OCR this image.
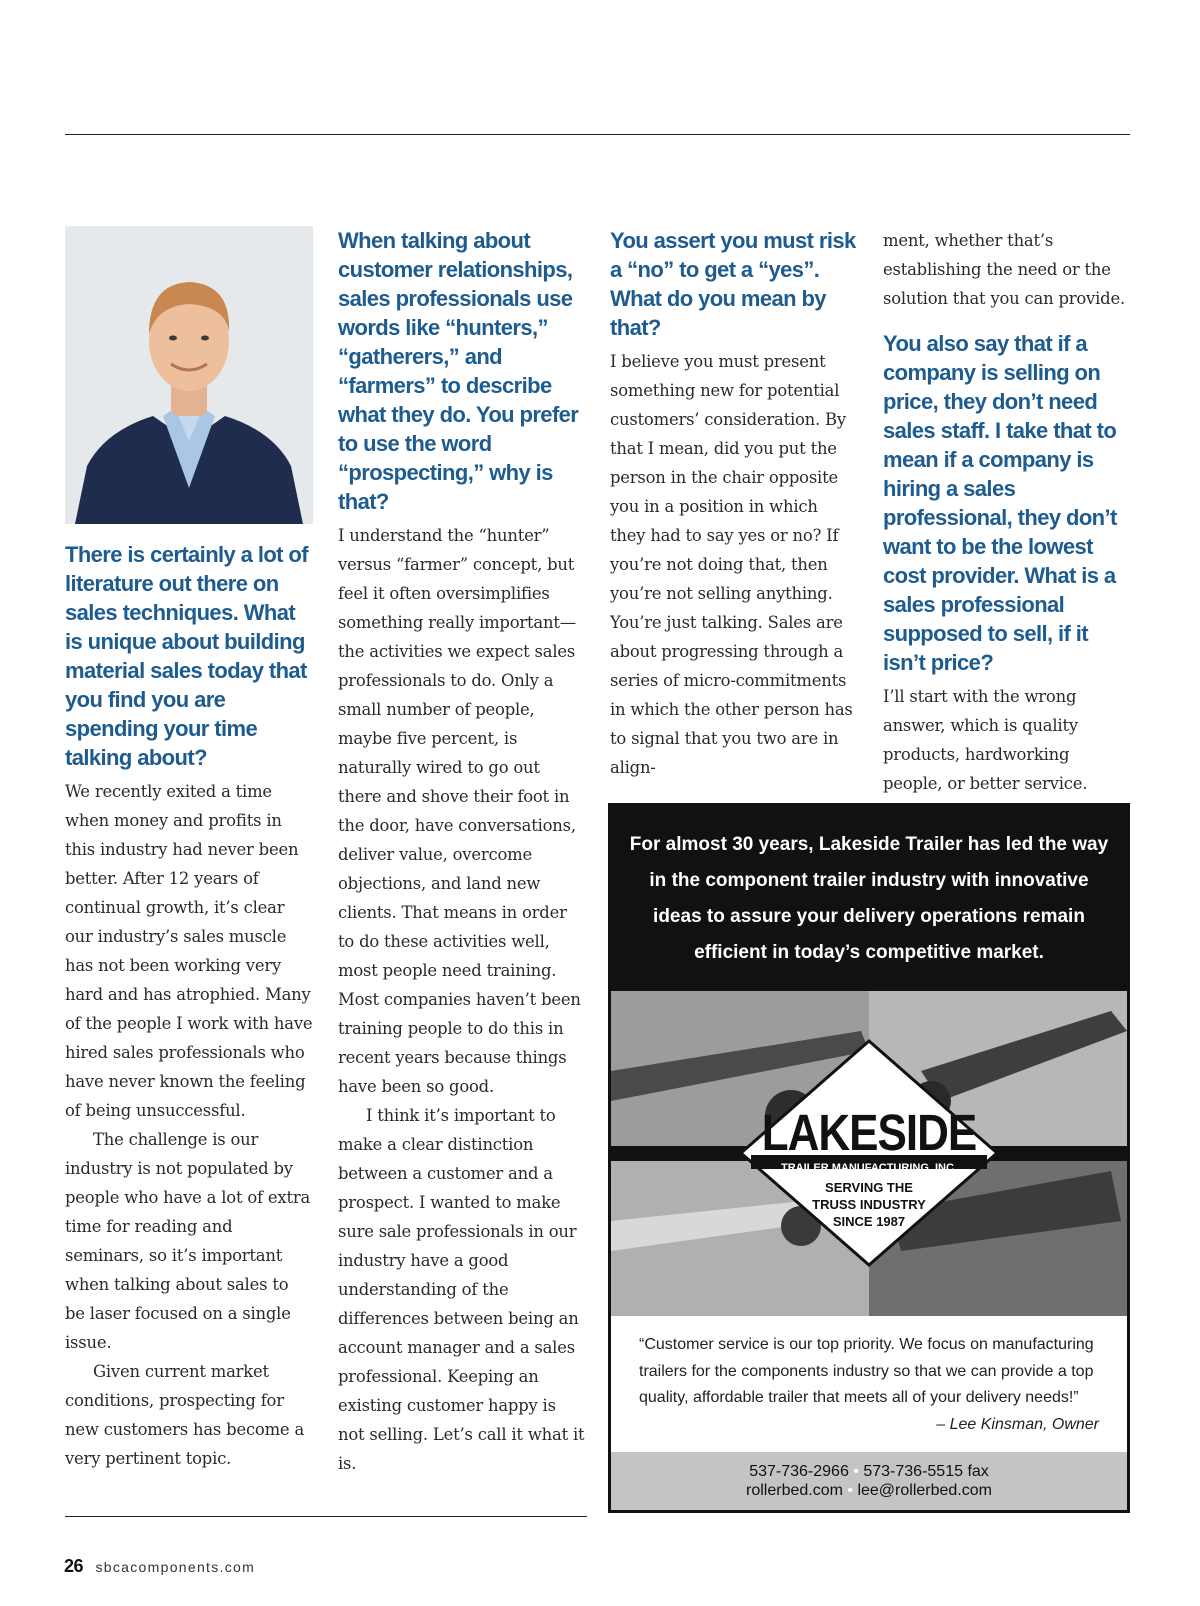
There is certainly a lot of literature out there on sales techniques. What is unique about building material sales today that you find you are spending your time talking about?

We recently exited a time when money and profits in this industry had never been better. After 12 years of continual growth, it’s clear our industry’s sales muscle has not been working very hard and has atrophied. Many of the people I work with have hired sales professionals who have never known the feeling of being unsuccessful.

The challenge is our industry is not populated by people who have a lot of extra time for reading and seminars, so it’s important when talking about sales to be laser focused on a single issue.

Given current market conditions, prospecting for new customers has become a very pertinent topic.

When talking about customer relationships, sales professionals use words like “hunters,” “gatherers,” and “farmers” to describe what they do. You prefer to use the word “prospecting,” why is that?

I understand the “hunter” versus “farmer” concept, but feel it often oversimplifies something really important—the activities we expect sales professionals to do. Only a small number of people, maybe five percent, is naturally wired to go out there and shove their foot in the door, have conversations, deliver value, overcome objections, and land new clients. That means in order to do these activities well, most people need training. Most companies haven’t been training people to do this in recent years because things have been so good.

I think it’s important to make a clear distinction between a customer and a prospect. I wanted to make sure sale professionals in our industry have a good understanding of the differences between being an account manager and a sales professional. Keeping an existing customer happy is not selling. Let’s call it what it is.

You assert you must risk a “no” to get a “yes”. What do you mean by that?

I believe you must present something new for potential customers’ consideration. By that I mean, did you put the person in the chair opposite you in a position in which they had to say yes or no? If you’re not doing that, then you’re not selling anything. You’re just talking. Sales are about progressing through a series of micro-commitments in which the other person has to signal that you two are in align-

ment, whether that’s establishing the need or the solution that you can provide.

You also say that if a company is selling on price, they don’t need sales staff. I take that to mean if a company is hiring a sales professional, they don’t want to be the lowest cost provider. What is a sales professional supposed to sell, if it isn’t price?

I’ll start with the wrong answer, which is quality products, hardworking people, or better service.

For almost 30 years, Lakeside Trailer has led the way in the component trailer industry with innovative ideas to assure your delivery operations remain efficient in today’s competitive market.

LAKESIDE
TRAILER MANUFACTURING, INC.
SERVING THE
TRUSS INDUSTRY
SINCE 1987
“Customer service is our top priority. We focus on manufacturing trailers for the components industry so that we can provide a top quality, affordable trailer that meets all of your delivery needs!”
– Lee Kinsman, Owner
537-736-2966 • 573-736-5515 fax
rollerbed.com • lee@rollerbed.com
26 sbcacomponents.com
